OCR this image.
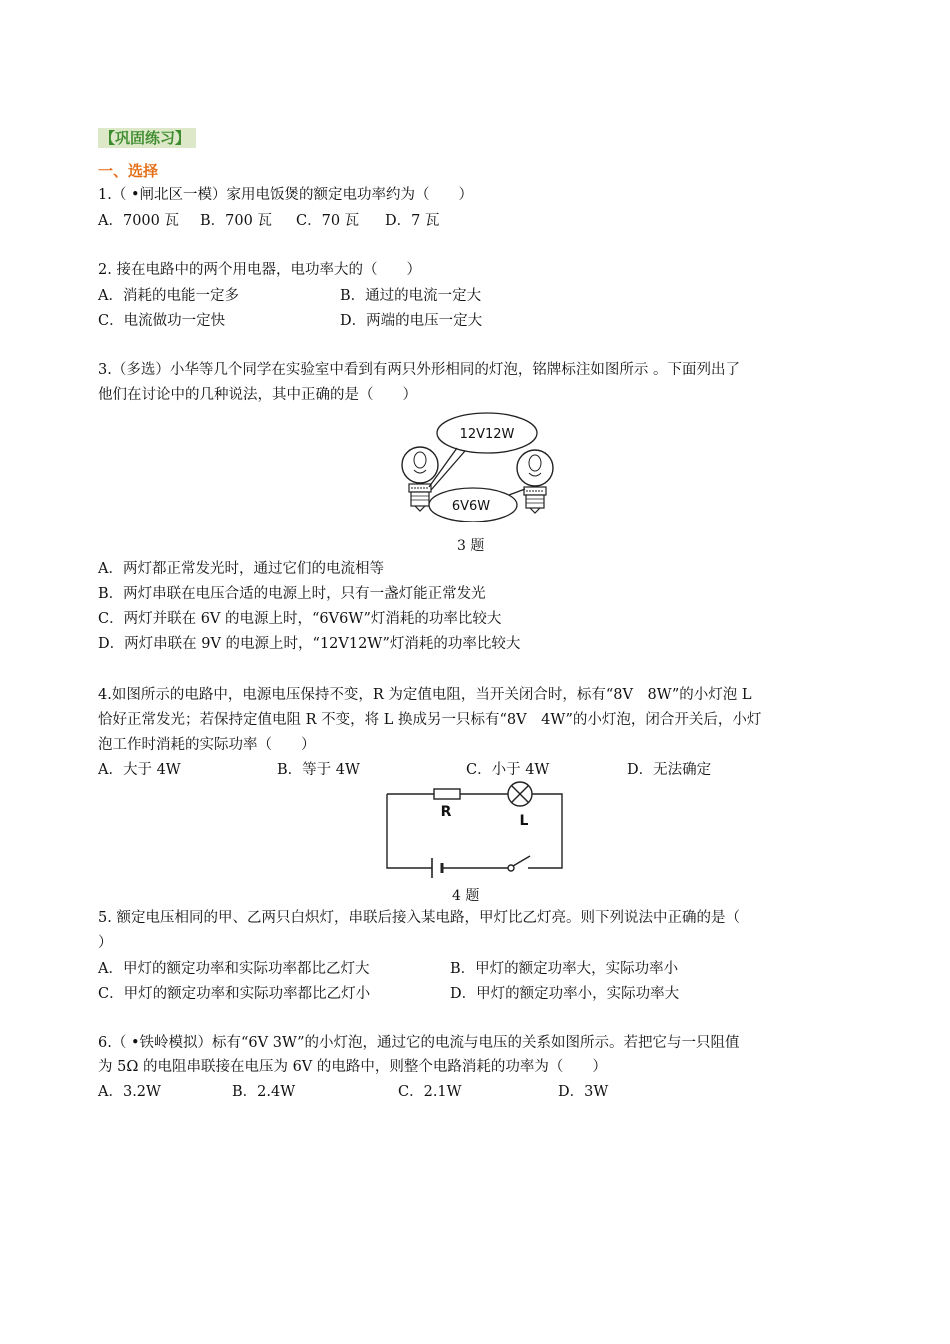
【巩固练习】
一、选择
1.（ •闸北区一模）家用电饭煲的额定电功率约为（　　）
A．7000 瓦 B．700 瓦 C．70 瓦 D．7 瓦
2. 接在电路中的两个用电器，电功率大的（　　）
A．消耗的电能一定多	B．通过的电流一定大
C．电流做功一定快	D．两端的电压一定大
3.（多选）小华等几个同学在实验室中看到有两只外形相同的灯泡，铭牌标注如图所示 。下面列出了
他们在讨论中的几种说法，其中正确的是（　　）
12V12W
6V6W
3 题
A．两灯都正常发光时，通过它们的电流相等
B．两灯串联在电压合适的电源上时，只有一盏灯能正常发光
C．两灯并联在 6V 的电源上时，“6V6W”灯消耗的功率比较大
D．两灯串联在 9V 的电源上时，“12V12W”灯消耗的功率比较大
4.如图所示的电路中，电源电压保持不变，R 为定值电阻，当开关闭合时，标有“8V　8W”的小灯泡 L
恰好正常发光；若保持定值电阻 R 不变，将 L 换成另一只标有“8V　4W”的小灯泡，闭合开关后，小灯
泡工作时消耗的实际功率（　　）
A．大于 4W	B．等于 4W	C．小于 4W	D．无法确定
R
L
4 题
5. 额定电压相同的甲、乙两只白炽灯，串联后接入某电路，甲灯比乙灯亮。则下列说法中正确的是（
）
A．甲灯的额定功率和实际功率都比乙灯大	B．甲灯的额定功率大，实际功率小
C．甲灯的额定功率和实际功率都比乙灯小	D．甲灯的额定功率小，实际功率大
6.（ •铁岭模拟）标有“6V 3W”的小灯泡，通过它的电流与电压的关系如图所示。若把它与一只阻值
为 5Ω 的电阻串联接在电压为 6V 的电路中，则整个电路消耗的功率为（　　）
A．3.2W	B．2.4W	C．2.1W	D．3W
